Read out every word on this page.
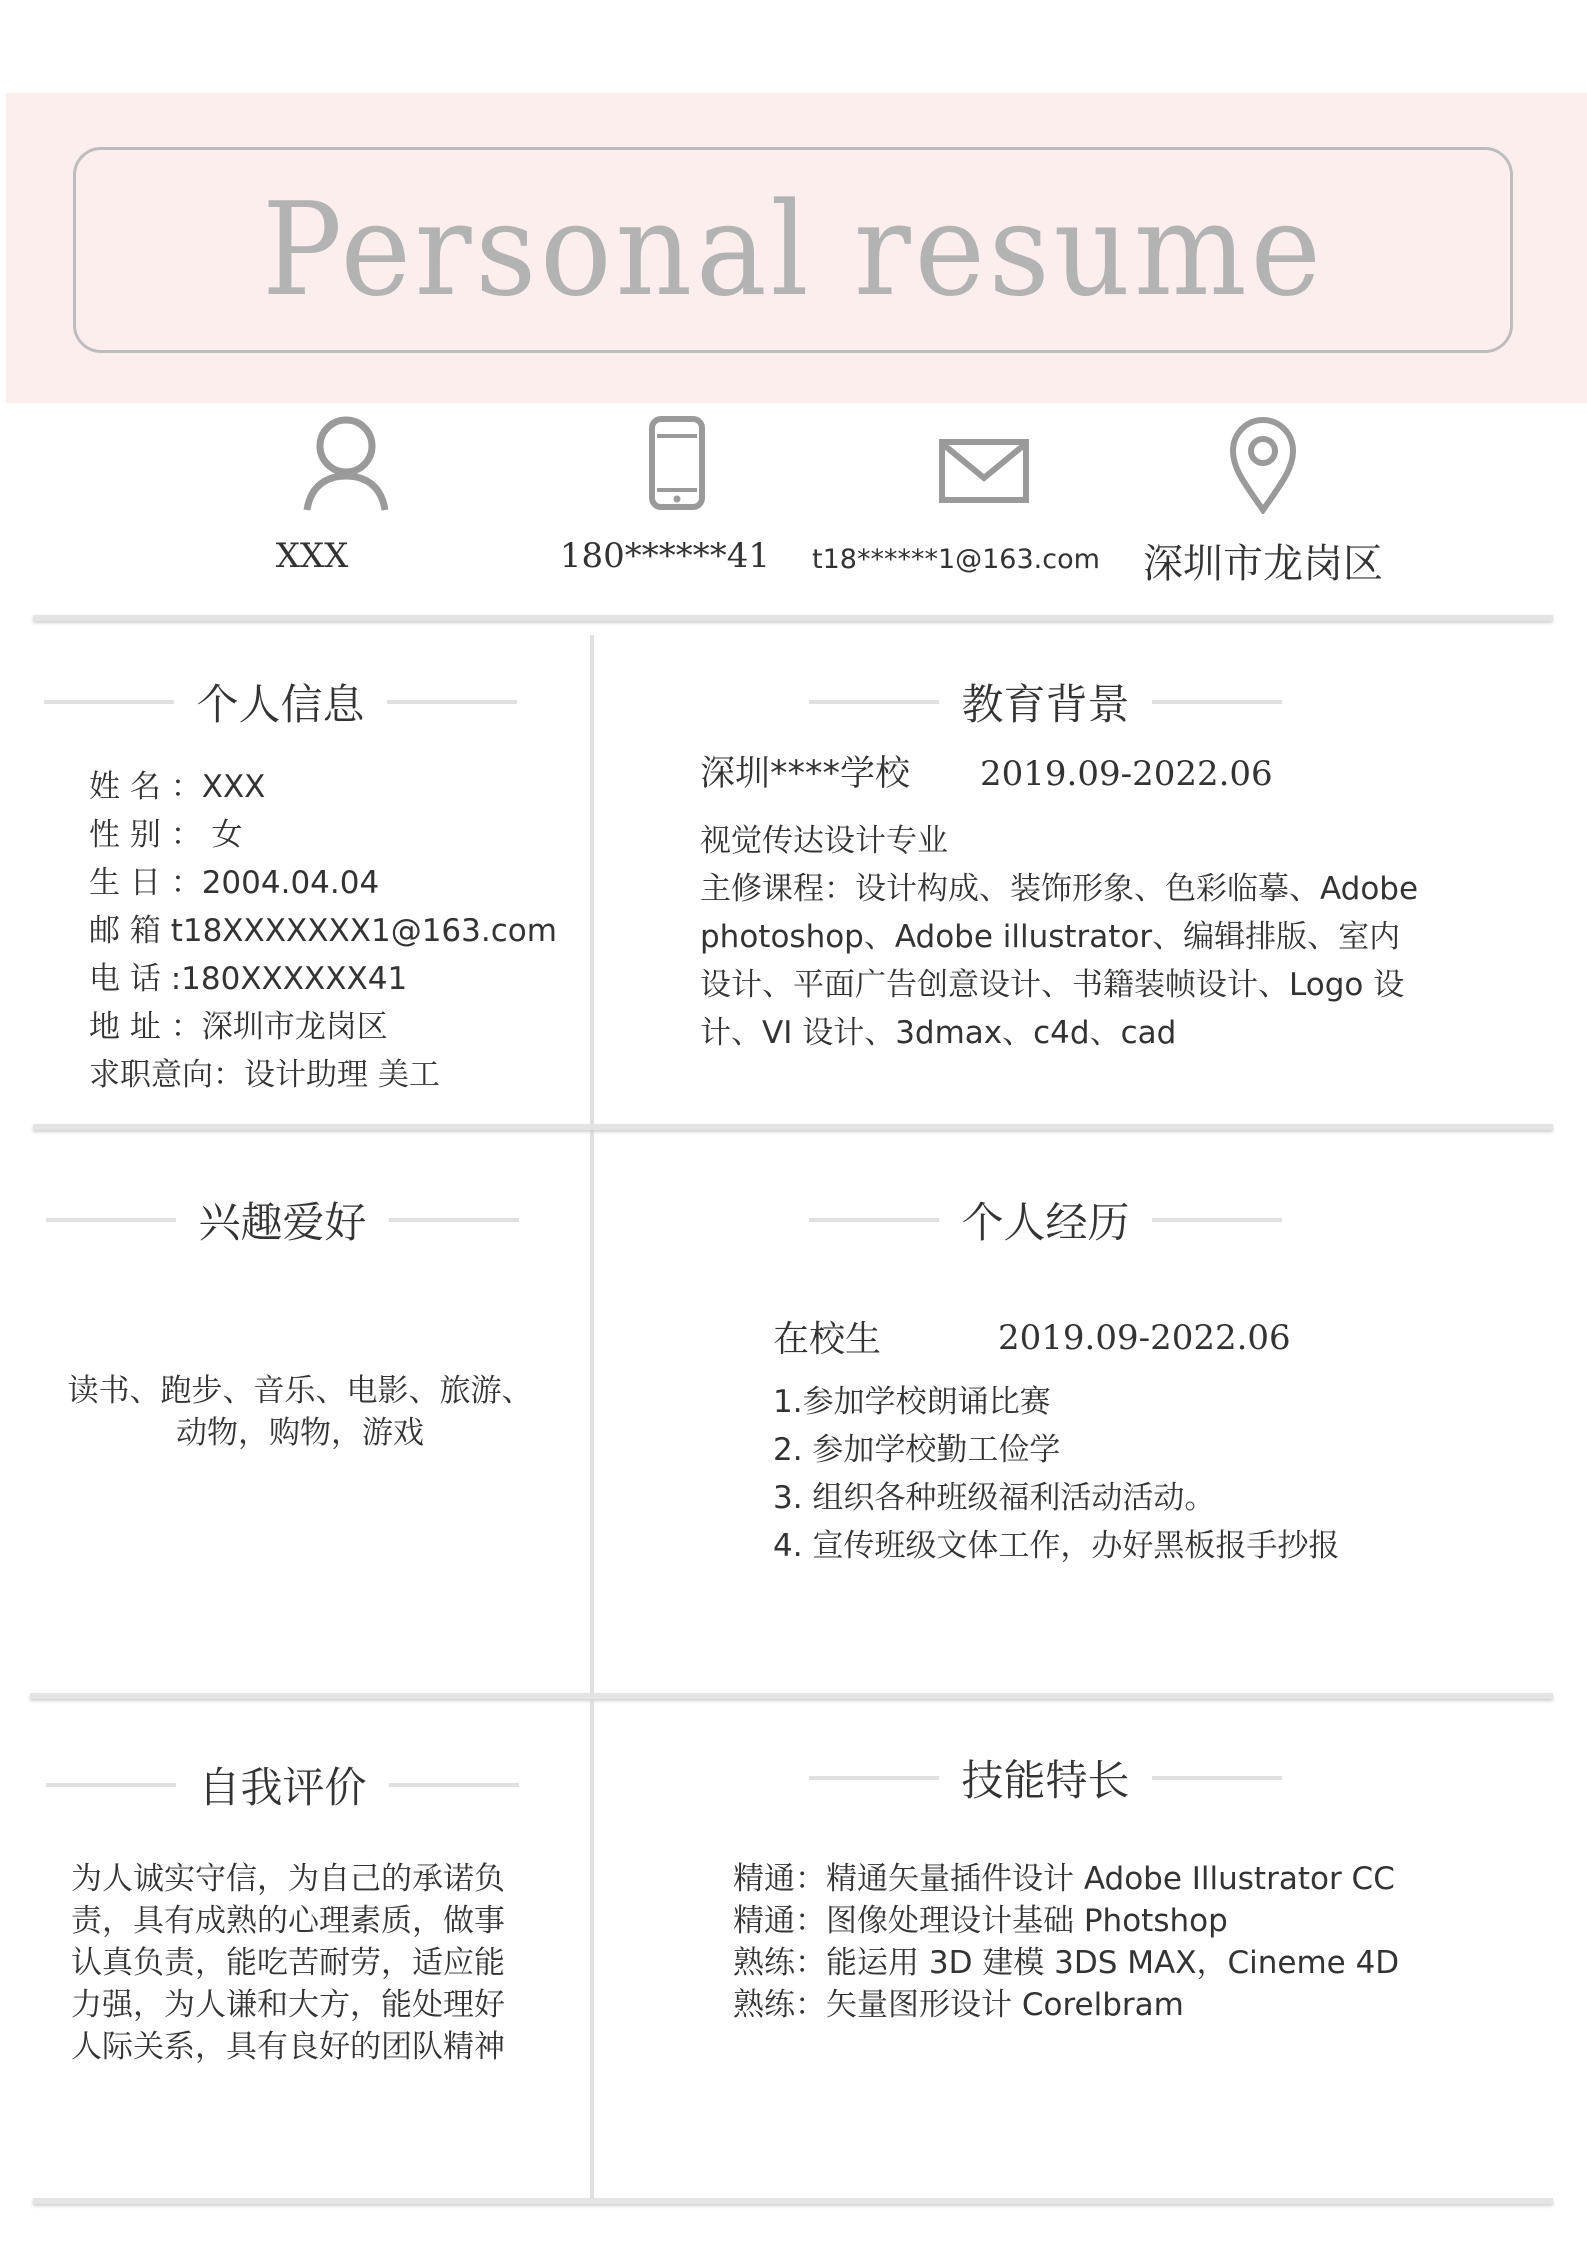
Personal resume
XXX	180******41	t18******1@163.com	深圳市龙岗区
个人信息
姓 名 ：XXX
性 别 ： 女
生 日 ：2004.04.04
邮 箱 t18XXXXXXX1@163.com
电 话 :180XXXXXX41
地 址 ：深圳市龙岗区
求职意向：设计助理 美工
教育背景
深圳****学校 2019.09-2022.06
视觉传达设计专业
主修课程：设计构成、装饰形象、色彩临摹、Adobe
photoshop、Adobe illustrator、编辑排版、室内
设计、平面广告创意设计、书籍装帧设计、Logo 设
计、VI 设计、3dmax、c4d、cad
兴趣爱好
读书、跑步、音乐、电影、旅游、
动物，购物，游戏
个人经历
在校生	2019.09-2022.06
1.参加学校朗诵比赛
2. 参加学校勤工俭学
3. 组织各种班级福利活动活动。
4. 宣传班级文体工作，办好黑板报手抄报
自我评价
为人诚实守信，为自己的承诺负
责，具有成熟的心理素质，做事
认真负责，能吃苦耐劳，适应能
力强，为人谦和大方，能处理好
人际关系，具有良好的团队精神
技能特长
精通：精通矢量插件设计 Adobe Illustrator CC
精通：图像处理设计基础 Photshop
熟练：能运用 3D 建模 3DS MAX，Cineme 4D
熟练：矢量图形设计 Corelbram
